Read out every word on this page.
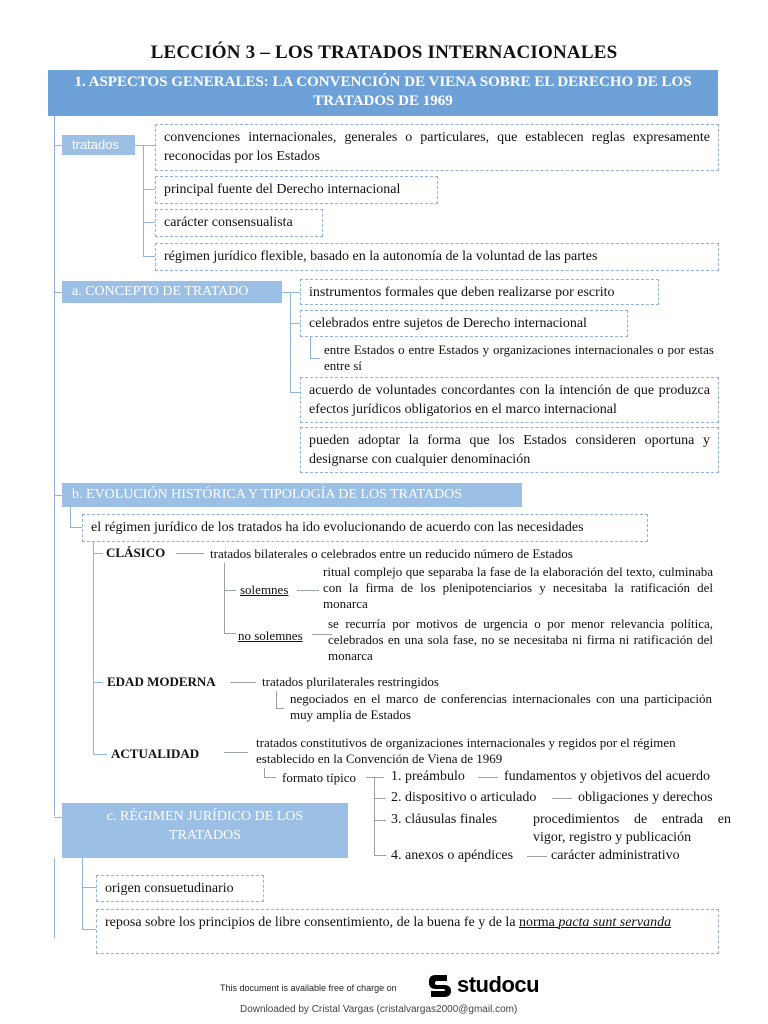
LECCIÓN 3 – LOS TRATADOS INTERNACIONALES
1. ASPECTOS GENERALES: LA CONVENCIÓN DE VIENA SOBRE EL DERECHO DE LOS TRATADOS DE 1969
tratados	convenciones internacionales, generales o particulares, que establecen reglas expresamente reconocidas por los Estados
principal fuente del Derecho internacional
carácter consensualista
régimen jurídico flexible, basado en la autonomía de la voluntad de las partes
a. CONCEPTO DE TRATADO	instrumentos formales que deben realizarse por escrito
celebrados entre sujetos de Derecho internacional
entre Estados o entre Estados y organizaciones internacionales o por estas entre sí
acuerdo de voluntades concordantes con la intención de que produzca efectos jurídicos obligatorios en el marco internacional
pueden adoptar la forma que los Estados consideren oportuna y designarse con cualquier denominación
b. EVOLUCIÓN HISTÓRICA Y TIPOLOGÍA DE LOS TRATADOS
el régimen jurídico de los tratados ha ido evolucionando de acuerdo con las necesidades
CLÁSICO	tratados bilaterales o celebrados entre un reducido número de Estados
solemnes
ritual complejo que separaba la fase de la elaboración del texto, culminaba con la firma de los plenipotenciarios y necesitaba la ratificación del monarca
no solemnes
se recurría por motivos de urgencia o por menor relevancia política, celebrados en una sola fase, no se necesitaba ni firma ni ratificación del monarca
EDAD MODERNA	tratados plurilaterales restringidos
negociados en el marco de conferencias internacionales con una participación muy amplia de Estados
ACTUALIDAD
tratados constitutivos de organizaciones internacionales y regidos por el régimen establecido en la Convención de Viena de 1969
formato típico 1. preámbulo	fundamentos y objetivos del acuerdo
2. dispositivo o articulado	obligaciones y derechos
3. cláusulas finales	procedimientos de entrada en vigor, registro y publicación
4. anexos o apéndices	carácter administrativo
c. RÉGIMEN JURÍDICO DE LOS TRATADOS
origen consuetudinario
reposa sobre los principios de libre consentimiento, de la buena fe y de la norma pacta sunt servanda
This document is available free of charge on	studocu
Downloaded by Cristal Vargas (cristalvargas2000@gmail.com)
